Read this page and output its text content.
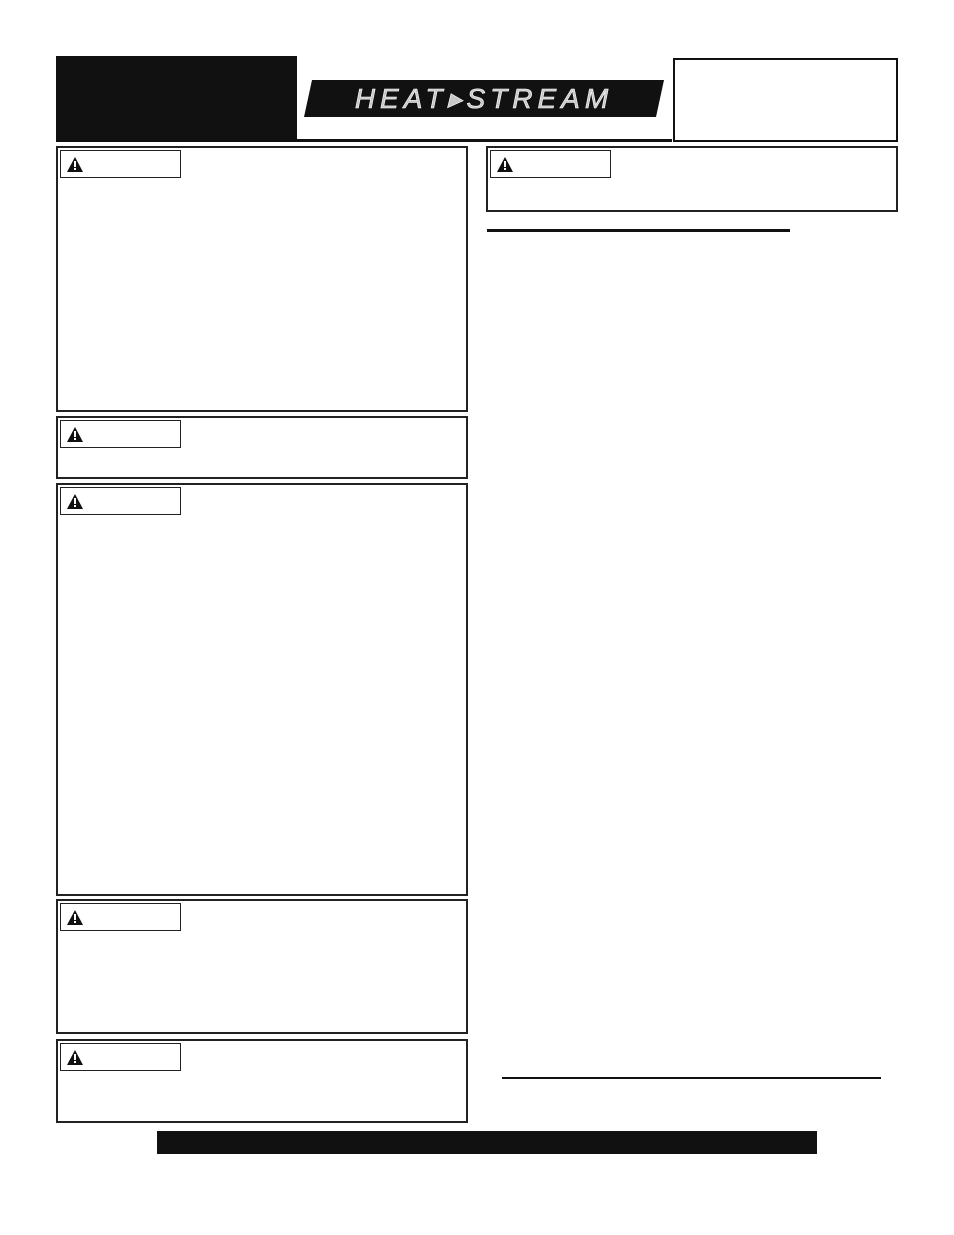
HEAT▸STREAM
